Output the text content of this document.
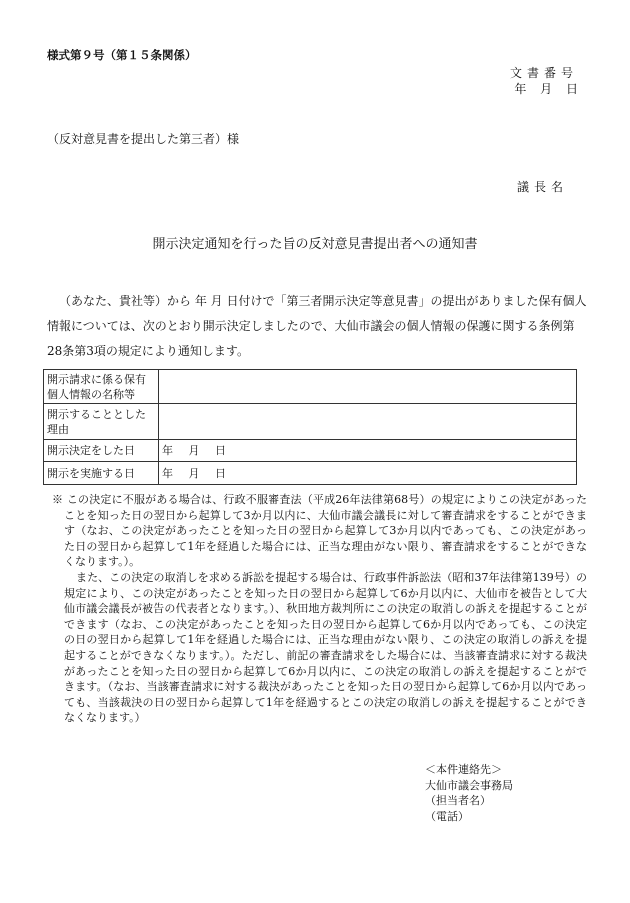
様式第９号（第１５条関係）
文書番号
年 月 日
（反対意見書を提出した第三者）様
議長名
開示決定通知を行った旨の反対意見書提出者への通知書

（あなた、貴社等）から 年 月 日付けで「第三者開示決定等意見書」の提出がありました保有個人情報については、次のとおり開示決定しましたので、大仙市議会の個人情報の保護に関する条例第28条第3項の規定により通知します。

開示請求に係る保有個人情報の名称等	
開示することとした理由	
開示決定をした日	年 月 日
開示を実施する日	年 月 日

※ この決定に不服がある場合は、行政不服審査法（平成26年法律第68号）の規定によりこの決定があったことを知った日の翌日から起算して3か月以内に、大仙市議会議長に対して審査請求をすることができます（なお、この決定があったことを知った日の翌日から起算して3か月以内であっても、この決定があった日の翌日から起算して1年を経過した場合には、正当な理由がない限り、審査請求をすることができなくなります。）。

また、この決定の取消しを求める訴訟を提起する場合は、行政事件訴訟法（昭和37年法律第139号）の規定により、この決定があったことを知った日の翌日から起算して6か月以内に、大仙市を被告として大仙市議会議長が被告の代表者となります。）、秋田地方裁判所にこの決定の取消しの訴えを提起することができます（なお、この決定があったことを知った日の翌日から起算して6か月以内であっても、この決定の日の翌日から起算して1年を経過した場合には、正当な理由がない限り、この決定の取消しの訴えを提起することができなくなります。）。ただし、前記の審査請求をした場合には、当該審査請求に対する裁決があったことを知った日の翌日から起算して6か月以内に、この決定の取消しの訴えを提起することができます。（なお、当該審査請求に対する裁決があったことを知った日の翌日から起算して6か月以内であっても、当該裁決の日の翌日から起算して1年を経過するとこの決定の取消しの訴えを提起することができなくなります。）

＜本件連絡先＞
大仙市議会事務局
（担当者名）
（電話）
